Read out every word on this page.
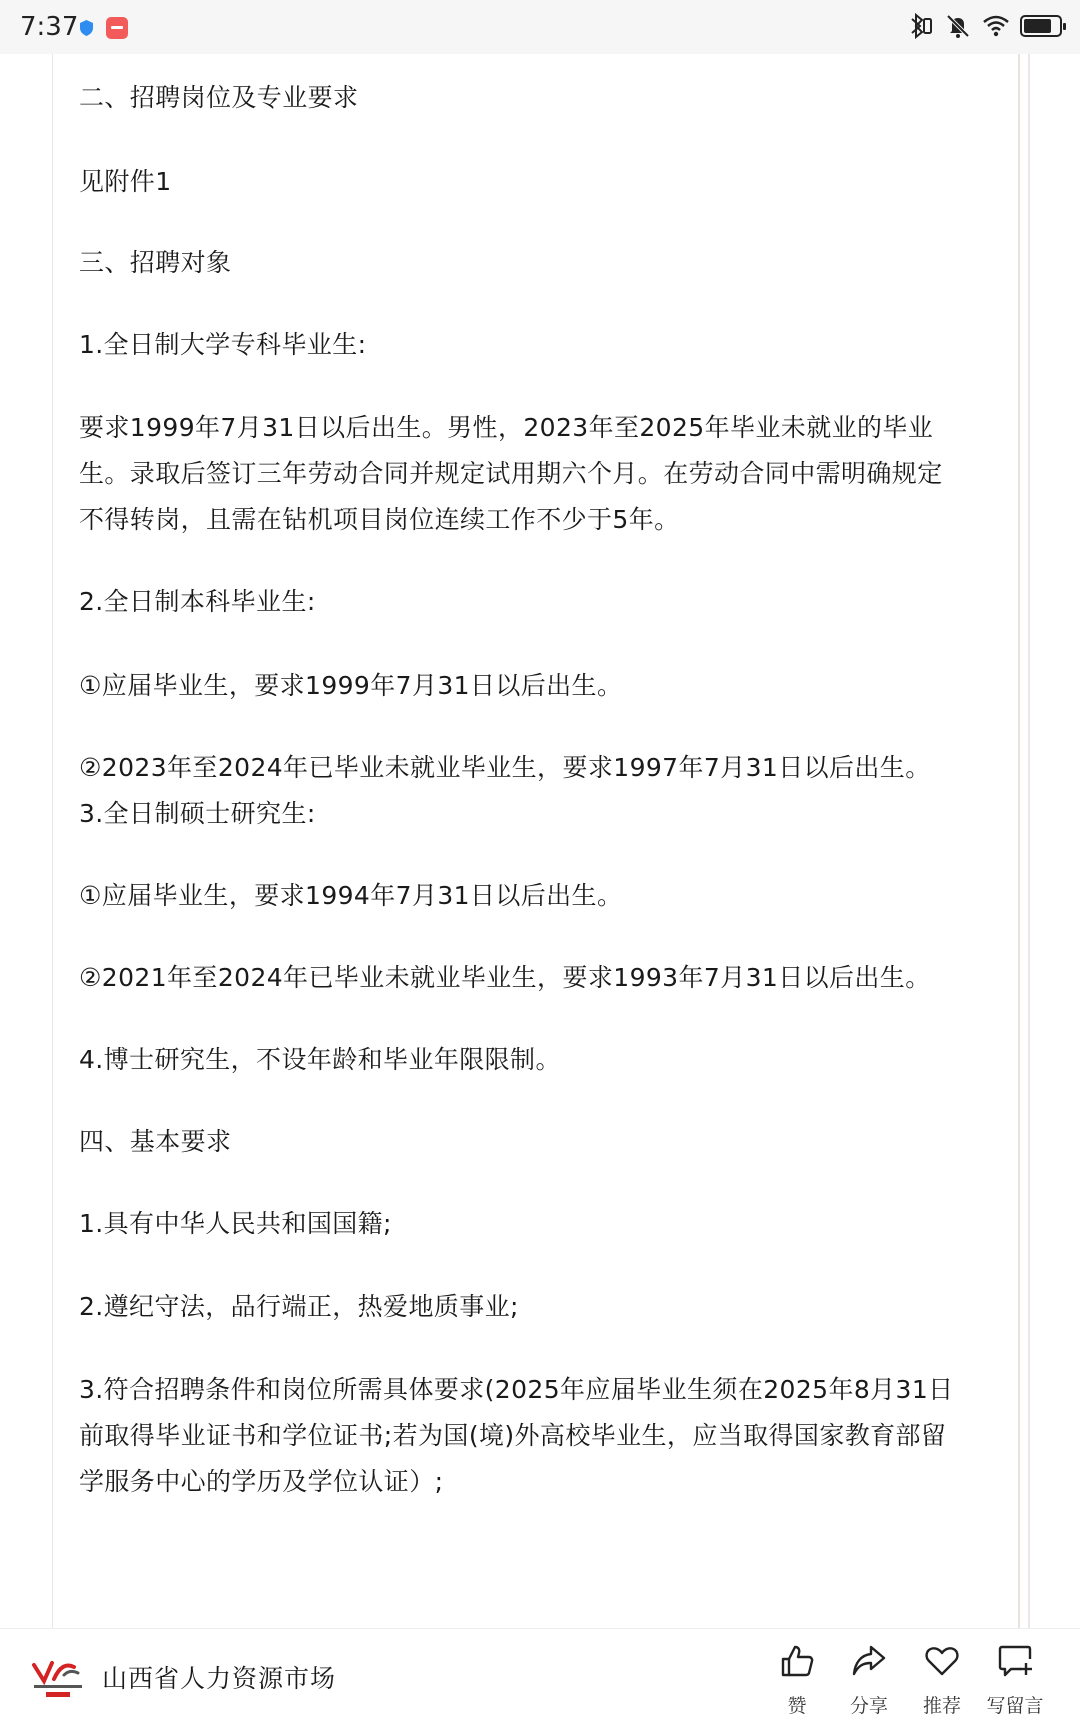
7:37
二、招聘岗位及专业要求
见附件1
三、招聘对象
1.全日制大学专科毕业生:
要求1999年7月31日以后出生。男性，2023年至2025年毕业未就业的毕业
生。录取后签订三年劳动合同并规定试用期六个月。在劳动合同中需明确规定
不得转岗，且需在钻机项目岗位连续工作不少于5年。
2.全日制本科毕业生:
①应届毕业生，要求1999年7月31日以后出生。
②2023年至2024年已毕业未就业毕业生，要求1997年7月31日以后出生。
3.全日制硕士研究生:
①应届毕业生，要求1994年7月31日以后出生。
②2021年至2024年已毕业未就业毕业生，要求1993年7月31日以后出生。
4.博士研究生，不设年龄和毕业年限限制。
四、基本要求
1.具有中华人民共和国国籍;
2.遵纪守法，品行端正，热爱地质事业;
3.符合招聘条件和岗位所需具体要求(2025年应届毕业生须在2025年8月31日
前取得毕业证书和学位证书;若为国(境)外高校毕业生，应当取得国家教育部留
学服务中心的学历及学位认证）;
山西省人力资源市场
赞	分享	推荐	写留言
